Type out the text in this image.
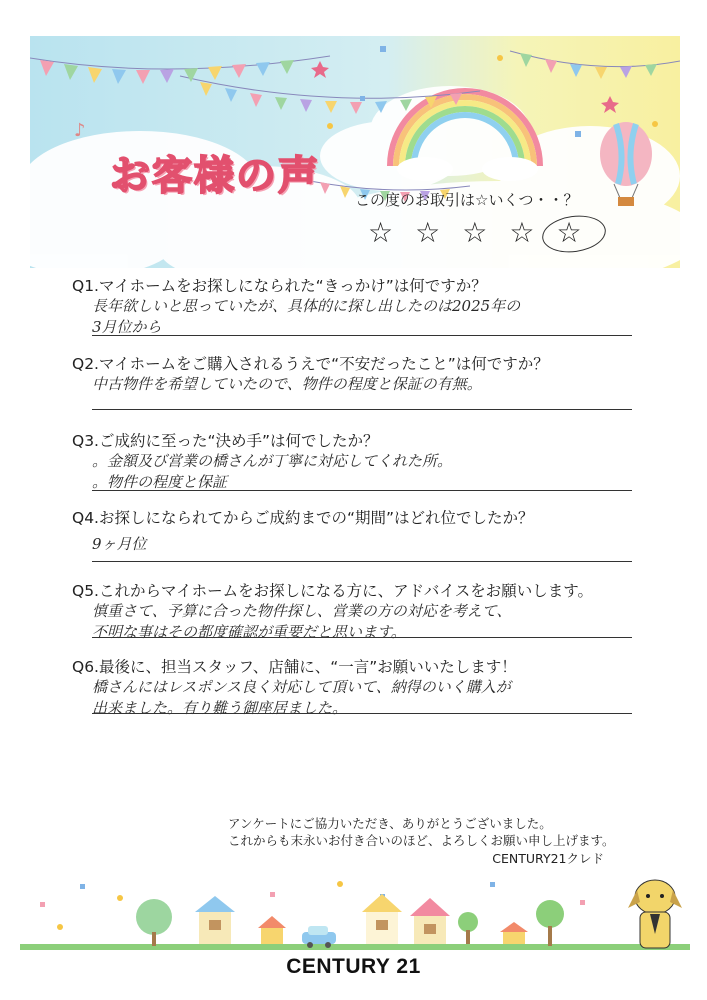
♪
お客様の声
この度のお取引は☆いくつ・・？
☆ ☆ ☆ ☆ ☆
Q1.マイホームをお探しになられた“きっかけ”は何ですか？
長年欲しいと思っていたが、具体的に探し出したのは2025年の
3月位から
Q2.マイホームをご購入されるうえで“不安だったこと”は何ですか？
中古物件を希望していたので、物件の程度と保証の有無。
Q3.ご成約に至った“決め手”は何でしたか？
。金額及び営業の橋さんが丁寧に対応してくれた所。
。物件の程度と保証
Q4.お探しになられてからご成約までの“期間”はどれ位でしたか？
9ヶ月位
Q5.これからマイホームをお探しになる方に、アドバイスをお願いします。
慎重さて、予算に合った物件探し、営業の方の対応を考えて、
不明な事はその都度確認が重要だと思います。
Q6.最後に、担当スタッフ、店舗に、“一言”お願いいたします！
橋さんにはレスポンス良く対応して頂いて、納得のいく購入が
出来ました。有り難う御座居ました。
アンケートにご協力いただき、ありがとうございました。
これからも末永いお付き合いのほど、よろしくお願い申し上げます。
CENTURY21クレド
CENTURY 21
